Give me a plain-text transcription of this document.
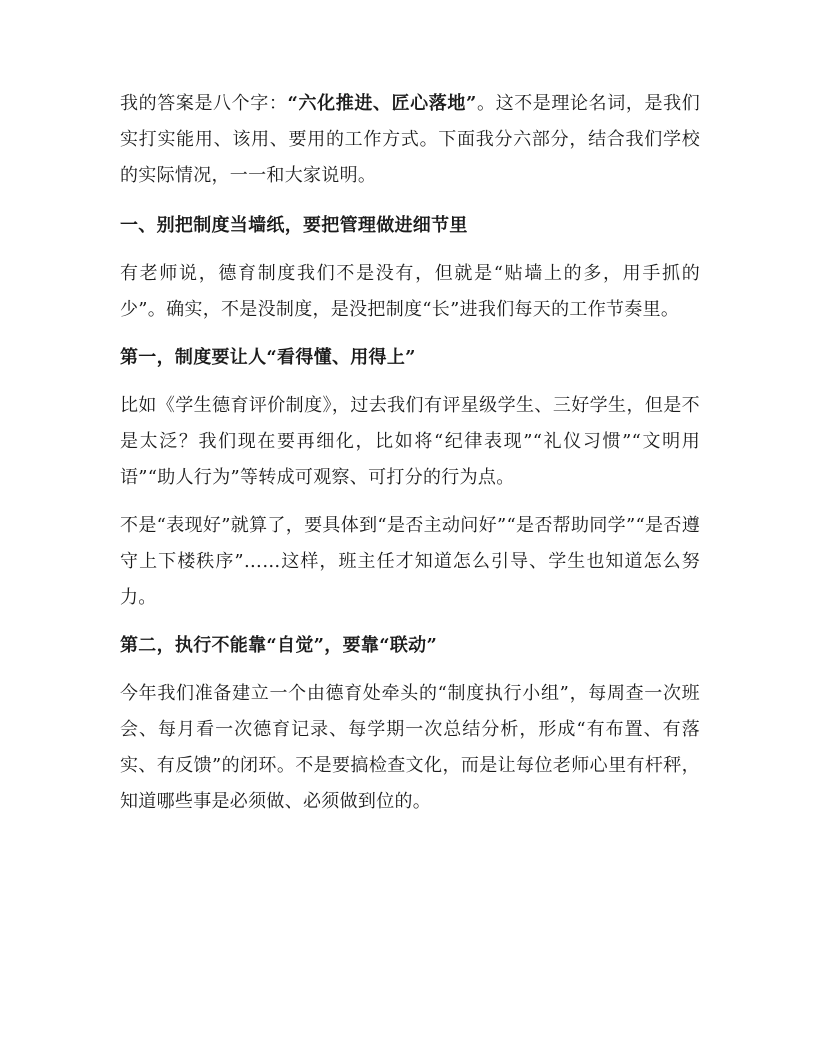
我的答案是八个字：“六化推进、匠心落地”。这不是理论名词，是我们实打实能用、该用、要用的工作方式。下面我分六部分，结合我们学校的实际情况，一一和大家说明。

一、别把制度当墙纸，要把管理做进细节里

有老师说，德育制度我们不是没有，但就是“贴墙上的多，用手抓的少”。确实，不是没制度，是没把制度“长”进我们每天的工作节奏里。

第一，制度要让人“看得懂、用得上”

比如《学生德育评价制度》，过去我们有评星级学生、三好学生，但是不是太泛？我们现在要再细化，比如将“纪律表现”“礼仪习惯”“文明用语”“助人行为”等转成可观察、可打分的行为点。

不是“表现好”就算了，要具体到“是否主动问好”“是否帮助同学”“是否遵守上下楼秩序”……这样，班主任才知道怎么引导、学生也知道怎么努力。

第二，执行不能靠“自觉”，要靠“联动”

今年我们准备建立一个由德育处牵头的“制度执行小组”，每周查一次班会、每月看一次德育记录、每学期一次总结分析，形成“有布置、有落实、有反馈”的闭环。不是要搞检查文化，而是让每位老师心里有杆秤，知道哪些事是必须做、必须做到位的。
